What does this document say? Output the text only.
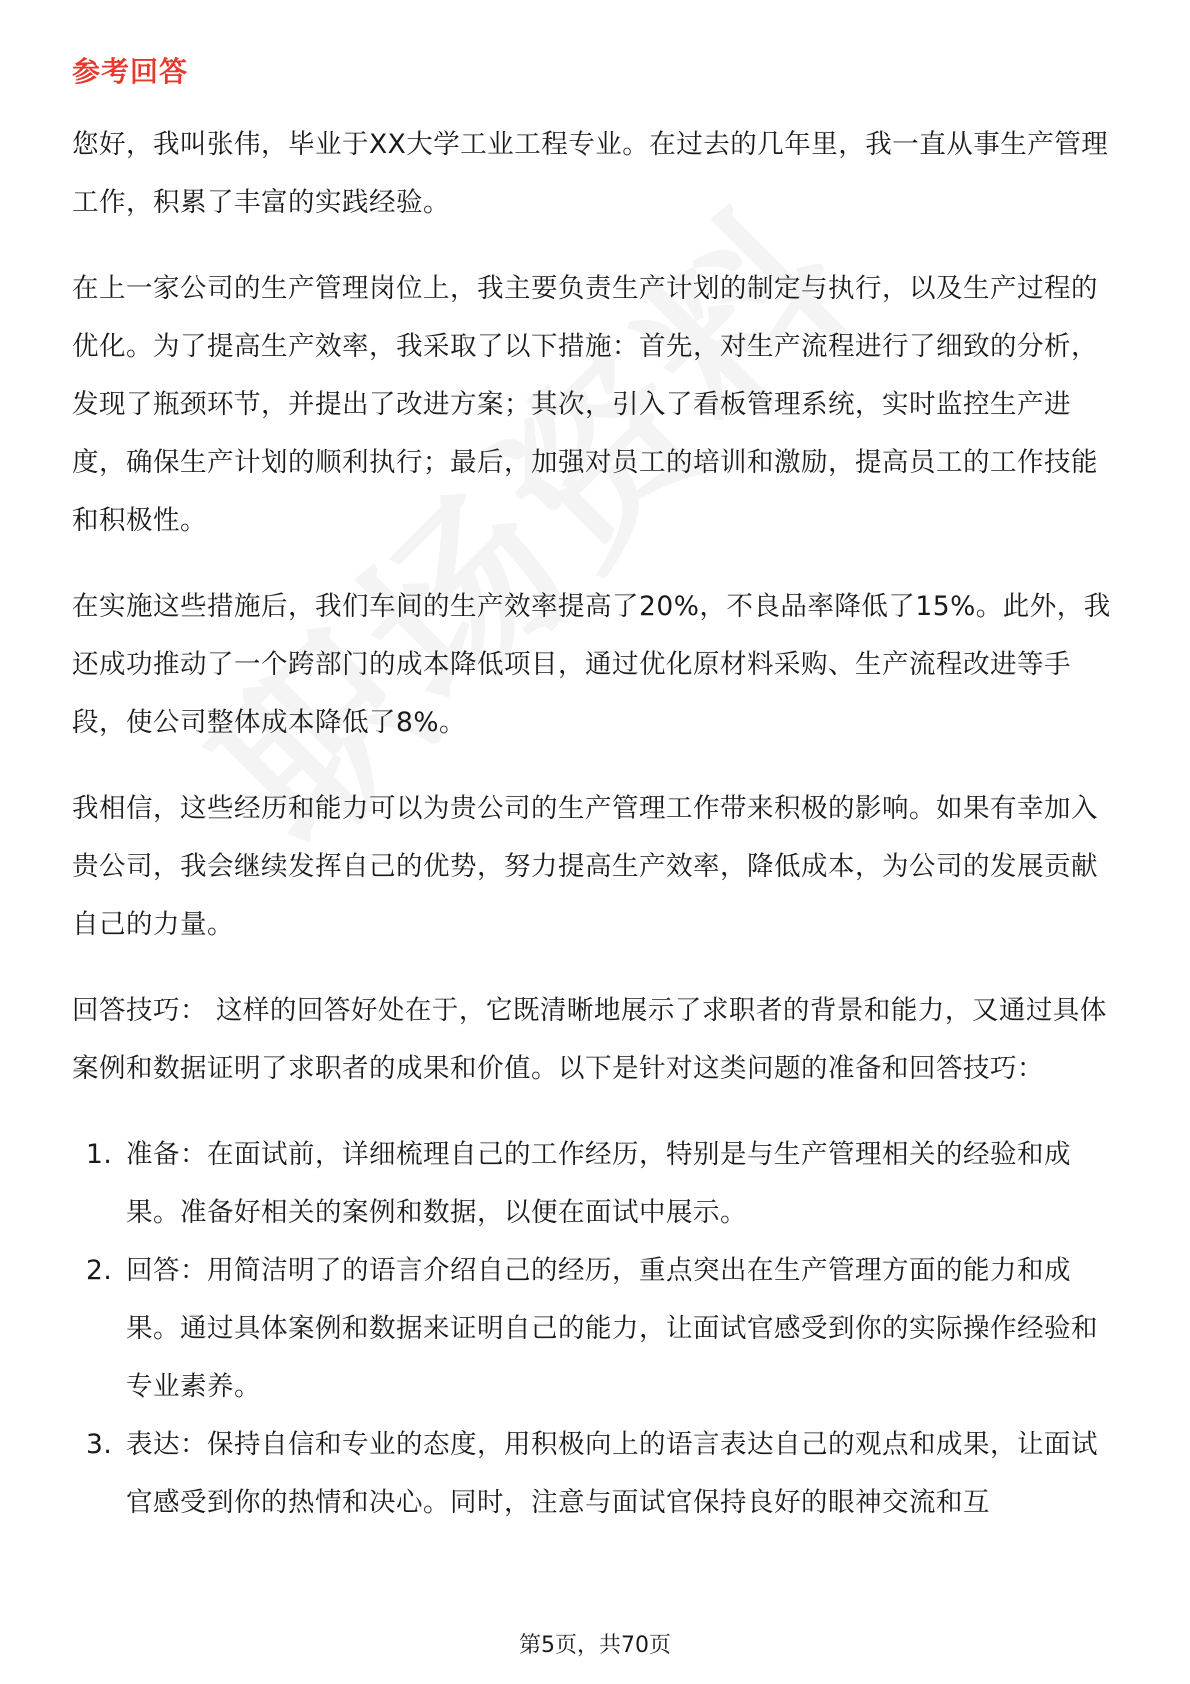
参考回答

您好，我叫张伟，毕业于XX大学工业工程专业。在过去的几年里，我一直从事生产管理工作，积累了丰富的实践经验。

在上一家公司的生产管理岗位上，我主要负责生产计划的制定与执行，以及生产过程的优化。为了提高生产效率，我采取了以下措施：首先，对生产流程进行了细致的分析，发现了瓶颈环节，并提出了改进方案；其次，引入了看板管理系统，实时监控生产进度，确保生产计划的顺利执行；最后，加强对员工的培训和激励，提高员工的工作技能和积极性。

在实施这些措施后，我们车间的生产效率提高了20%，不良品率降低了15%。此外，我还成功推动了一个跨部门的成本降低项目，通过优化原材料采购、生产流程改进等手段，使公司整体成本降低了8%。

我相信，这些经历和能力可以为贵公司的生产管理工作带来积极的影响。如果有幸加入贵公司，我会继续发挥自己的优势，努力提高生产效率，降低成本，为公司的发展贡献自己的力量。

回答技巧： 这样的回答好处在于，它既清晰地展示了求职者的背景和能力，又通过具体案例和数据证明了求职者的成果和价值。以下是针对这类问题的准备和回答技巧：

1. 准备：在面试前，详细梳理自己的工作经历，特别是与生产管理相关的经验和成果。准备好相关的案例和数据，以便在面试中展示。
2. 回答：用简洁明了的语言介绍自己的经历，重点突出在生产管理方面的能力和成果。通过具体案例和数据来证明自己的能力，让面试官感受到你的实际操作经验和专业素养。
3. 表达：保持自信和专业的态度，用积极向上的语言表达自己的观点和成果，让面试官感受到你的热情和决心。同时，注意与面试官保持良好的眼神交流和互
第5页，共70页
